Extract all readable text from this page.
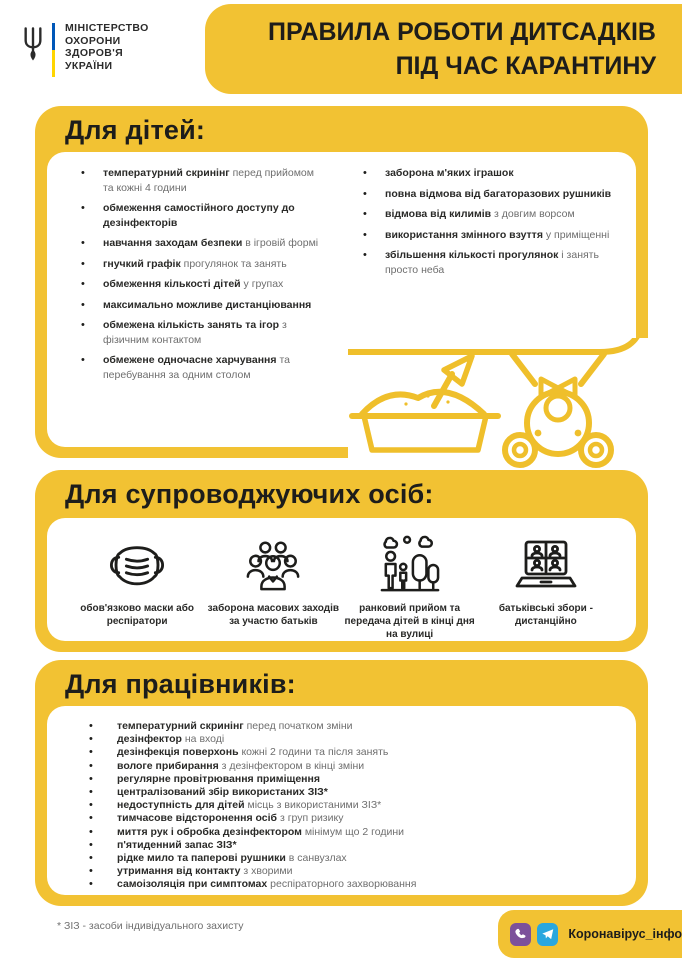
МІНІСТЕРСТВО
ОХОРОНИ
ЗДОРОВ'Я
УКРАЇНИ
ПРАВИЛА РОБОТИ ДИТСАДКІВ
ПІД ЧАС КАРАНТИНУ
Для дітей:
• температурний скринінг перед прийомом та кожні 4 години
• обмеження самостійного доступу до дезінфекторів
• навчання заходам безпеки в ігровій формі
• гнучкий графік прогулянок та занять
• обмеження кількості дітей у групах
• максимально можливе дистанціювання
• обмежена кількість занять та ігор з фізичним контактом
• обмежене одночасне харчування та перебування за одним столом
• заборона м'яких іграшок
• повна відмова від багаторазових рушників
• відмова від килимів з довгим ворсом
• використання змінного взуття у приміщенні
• збільшення кількості прогулянок і занять просто неба
Для супроводжуючих осіб:
обов'язково маски або респіратори
заборона масових заходів за участю батьків
ранковий прийом та передача дітей в кінці дня на вулиці
батьківські збори - дистанційно
Для працівників:
• температурний скринінг перед початком зміни
• дезінфектор на вході
• дезінфекція поверхонь кожні 2 години та після занять
• вологе прибирання з дезінфектором в кінці зміни
• регулярне провітрювання приміщення
• централізований збір використаних ЗІЗ*
• недоступність для дітей місць з використаними ЗІЗ*
• тимчасове відсторонення осіб з груп ризику
• миття рук і обробка дезінфектором мінімум що 2 години
• п'ятиденний запас ЗІЗ*
• рідке мило та паперові рушники в санвузлах
• утримання від контакту з хворими
• самоізоляція при симптомах респіраторного захворювання
* ЗІЗ - засоби індивідуального захисту
Коронавірус_інфо
